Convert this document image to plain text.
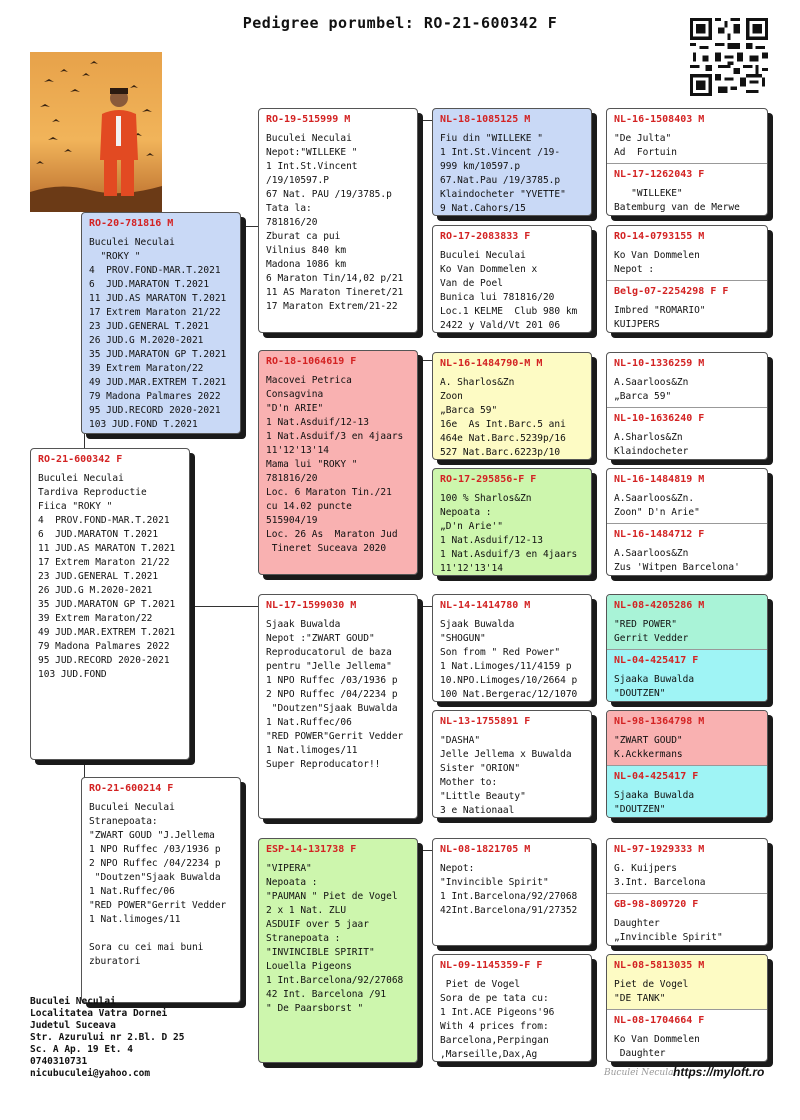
Pedigree porumbel: RO-21-600342 F
RO-20-781816 M
Buculei Neculai
"ROKY "
4  PROV.FOND-MAR.T.2021
6  JUD.MARATON T.2021
11 JUD.AS MARATON T.2021
17 Extrem Maraton 21/22
23 JUD.GENERAL T.2021
26 JUD.G M.2020-2021
35 JUD.MARATON GP T.2021
39 Extrem Maraton/22
49 JUD.MAR.EXTREM T.2021
79 Madona Palmares 2022
95 JUD.RECORD 2020-2021
103 JUD.FOND T.2021
RO-21-600342 F
Buculei Neculai
Tardiva Reproductie
Fiica "ROKY "
4  PROV.FOND-MAR.T.2021
6  JUD.MARATON T.2021
11 JUD.AS MARATON T.2021
17 Extrem Maraton 21/22
23 JUD.GENERAL T.2021
26 JUD.G M.2020-2021
35 JUD.MARATON GP T.2021
39 Extrem Maraton/22
49 JUD.MAR.EXTREM T.2021
79 Madona Palmares 2022
95 JUD.RECORD 2020-2021
103 JUD.FOND
RO-21-600214 F
Buculei Neculai
Stranepoata:
"ZWART GOUD "J.Jellema
1 NPO Ruffec /03/1936 p
2 NPO Ruffec /04/2234 p
"Doutzen"Sjaak Buwalda
1 Nat.Ruffec/06
"RED POWER"Gerrit Vedder
1 Nat.limoges/11

Sora cu cei mai buni
zburatori
RO-19-515999 M
Buculei Neculai
Nepot:"WILLEKE "
1 Int.St.Vincent
/19/10597.P
67 Nat. PAU /19/3785.p
Tata la:
781816/20
Zburat ca pui
Vilnius 840 km
Madona 1086 km
6 Maraton Tin/14,02 p/21
11 AS Maraton Tineret/21
17 Maraton Extrem/21-22
RO-18-1064619 F
Macovei Petrica
Consagvina
"D'n ARIE"
1 Nat.Asduif/12-13
1 Nat.Asduif/3 en 4jaars
11'12'13'14
Mama lui "ROKY "
781816/20
Loc. 6 Maraton Tin./21
cu 14.02 puncte
515904/19
Loc. 26 As  Maraton Jud
Tineret Suceava 2020
NL-17-1599030 M
Sjaak Buwalda
Nepot :"ZWART GOUD"
Reproducatorul de baza
pentru "Jelle Jellema"
1 NPO Ruffec /03/1936 p
2 NPO Ruffec /04/2234 p
"Doutzen"Sjaak Buwalda
1 Nat.Ruffec/06
"RED POWER"Gerrit Vedder
1 Nat.limoges/11
Super Reproducator!!
ESP-14-131738 F
"VIPERA"
Nepoata :
"PAUMAN " Piet de Vogel
2 x 1 Nat. ZLU
ASDUIF over 5 jaar
Stranepoata :
"INVINCIBLE SPIRIT"
Louella Pigeons
1 Int.Barcelona/92/27068
42 Int. Barcelona /91
" De Paarsborst "
NL-18-1085125 M
Fiu din "WILLEKE "
1 Int.St.Vincent /19-
999 km/10597.p
67.Nat.Pau /19/3785.p
Klaindocheter "YVETTE"
9 Nat.Cahors/15
RO-17-2083833 F
Buculei Neculai
Ko Van Dommelen x
Van de Poel
Bunica lui 781816/20
Loc.1 KELME  Club 980 km
2422 y Vald/Vt 201 06
NL-16-1484790-M M
A. Sharlos&Zn
Zoon
„Barca 59"
16e  As Int.Barc.5 ani
464e Nat.Barc.5239p/16
527 Nat.Barc.6223p/10
RO-17-295856-F F
100 % Sharlos&Zn
Nepoata :
„D'n Arie'"
1 Nat.Asduif/12-13
1 Nat.Asduif/3 en 4jaars
11'12'13'14
NL-14-1414780 M
Sjaak Buwalda
"SHOGUN"
Son from " Red Power"
1 Nat.Limoges/11/4159 p
10.NPO.Limoges/10/2664 p
100 Nat.Bergerac/12/1070
NL-13-1755891 F
"DASHA"
Jelle Jellema x Buwalda
Sister "ORION"
Mother to:
"Little Beauty"
3 e Nationaal
NL-08-1821705 M
Nepot:
"Invincible Spirit"
1 Int.Barcelona/92/27068
42Int.Barcelona/91/27352
NL-09-1145359-F F
Piet de Vogel
Sora de pe tata cu:
1 Int.ACE Pigeons'96
With 4 prices from:
Barcelona,Perpingan
,Marseille,Dax,Ag
NL-16-1508403 M
"De Julta"
Ad  Fortuin
NL-17-1262043 F
"WILLEKE"
Batemburg van de Merwe
RO-14-0793155 M
Ko Van Dommelen
Nepot :
Belg-07-2254298 F F
Imbred "ROMARIO"
KUIJPERS
NL-10-1336259 M
A.Saarloos&Zn
„Barca 59"
NL-10-1636240 F
A.Sharlos&Zn
Klaindocheter
NL-16-1484819 M
A.Saarloos&Zn.
Zoon" D'n Arie"
NL-16-1484712 F
A.Saarloos&Zn
Zus 'Witpen Barcelona'
NL-08-4205286 M
"RED POWER"
Gerrit Vedder
NL-04-425417 F
Sjaaka Buwalda
"DOUTZEN"
NL-98-1364798 M
"ZWART GOUD"
K.Ackkermans
NL-04-425417 F
Sjaaka Buwalda
"DOUTZEN"
NL-97-1929333 M
G. Kuijpers
3.Int. Barcelona
GB-98-809720 F
Daughter
„Invincible Spirit"
NL-08-5813035 M
Piet de Vogel
"DE TANK"
NL-08-1704664 F
Ko Van Dommelen
Daughter
Buculei Neculai
Localitatea Vatra Dornei
Judetul Suceava
Str. Azurului nr 2.Bl. D 25
Sc. A Ap. 19 Et. 4
0740310731
nicubuculei@yahoo.com	Buculei Neculai
https://myloft.ro
